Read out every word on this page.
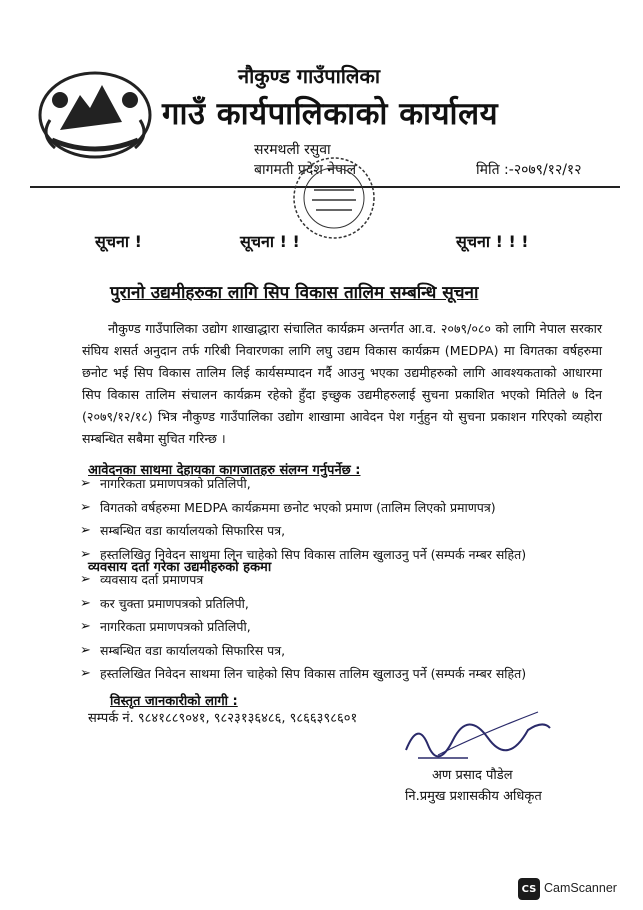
नौकुण्ड गाउँपालिका
गाउँ कार्यपालिकाको कार्यालय
सरमथली रसुवा
बागमती प्रदेश नेपाल	मिति :-२०७९/१२/१२
सूचना !	सूचना ! !	सूचना ! ! !
पुरानो उद्यमीहरुका लागि सिप विकास तालिम सम्बन्धि सूचना
नौकुण्ड गाउँपालिका उद्योग शाखाद्धारा संचालित कार्यक्रम अन्तर्गत आ.व. २०७९/०८० को लागि नेपाल सरकार संघिय शसर्त अनुदान तर्फ गरिबी निवारणका लागि लघु उद्यम विकास कार्यक्रम (MEDPA) मा विगतका वर्षहरुमा छनोट भई सिप विकास तालिम लिई कार्यसम्पादन गर्दै आउनु भएका उद्यमीहरुको लागि आवश्यकताको आधारमा सिप विकास तालिम संचालन कार्यक्रम रहेको हुँदा इच्छुक उद्यमीहरुलाई सुचना प्रकाशित भएको मितिले ७ दिन (२०७९/१२/१८) भित्र नौकुण्ड गाउँपालिका उद्योग शाखामा आवेदन पेश गर्नुहुन यो सुचना प्रकाशन गरिएको व्यहोरा सम्बन्धित सबैमा सुचित गरिन्छ ।
आवेदनका साथमा देहायका कागजातहरु संलग्न गर्नुपर्नेछ :
➢ नागरिकता प्रमाणपत्रको प्रतिलिपी,
➢ विगतको वर्षहरुमा MEDPA कार्यक्रममा छनोट भएको प्रमाण (तालिम लिएको प्रमाणपत्र)
➢ सम्बन्धित वडा कार्यालयको सिफारिस पत्र,
➢ हस्तलिखित निवेदन साथमा लिन चाहेको सिप विकास तालिम खुलाउनु पर्ने (सम्पर्क नम्बर सहित)
व्यवसाय दर्ता गरेका उद्यमीहरुको हकमा
➢ व्यवसाय दर्ता प्रमाणपत्र
➢ कर चुक्ता प्रमाणपत्रको प्रतिलिपी,
➢ नागरिकता प्रमाणपत्रको प्रतिलिपी,
➢ सम्बन्धित वडा कार्यालयको सिफारिस पत्र,
➢ हस्तलिखित निवेदन साथमा लिन चाहेको सिप विकास तालिम खुलाउनु पर्ने (सम्पर्क नम्बर सहित)
विस्तृत जानकारीको लागी :
सम्पर्क नं. ९८४१८८९०४१, ९८२३१३६४८६, ९८६६३९८६०१
अण प्रसाद पौडेल
नि.प्रमुख प्रशासकीय अधिकृत
CS CamScanner
